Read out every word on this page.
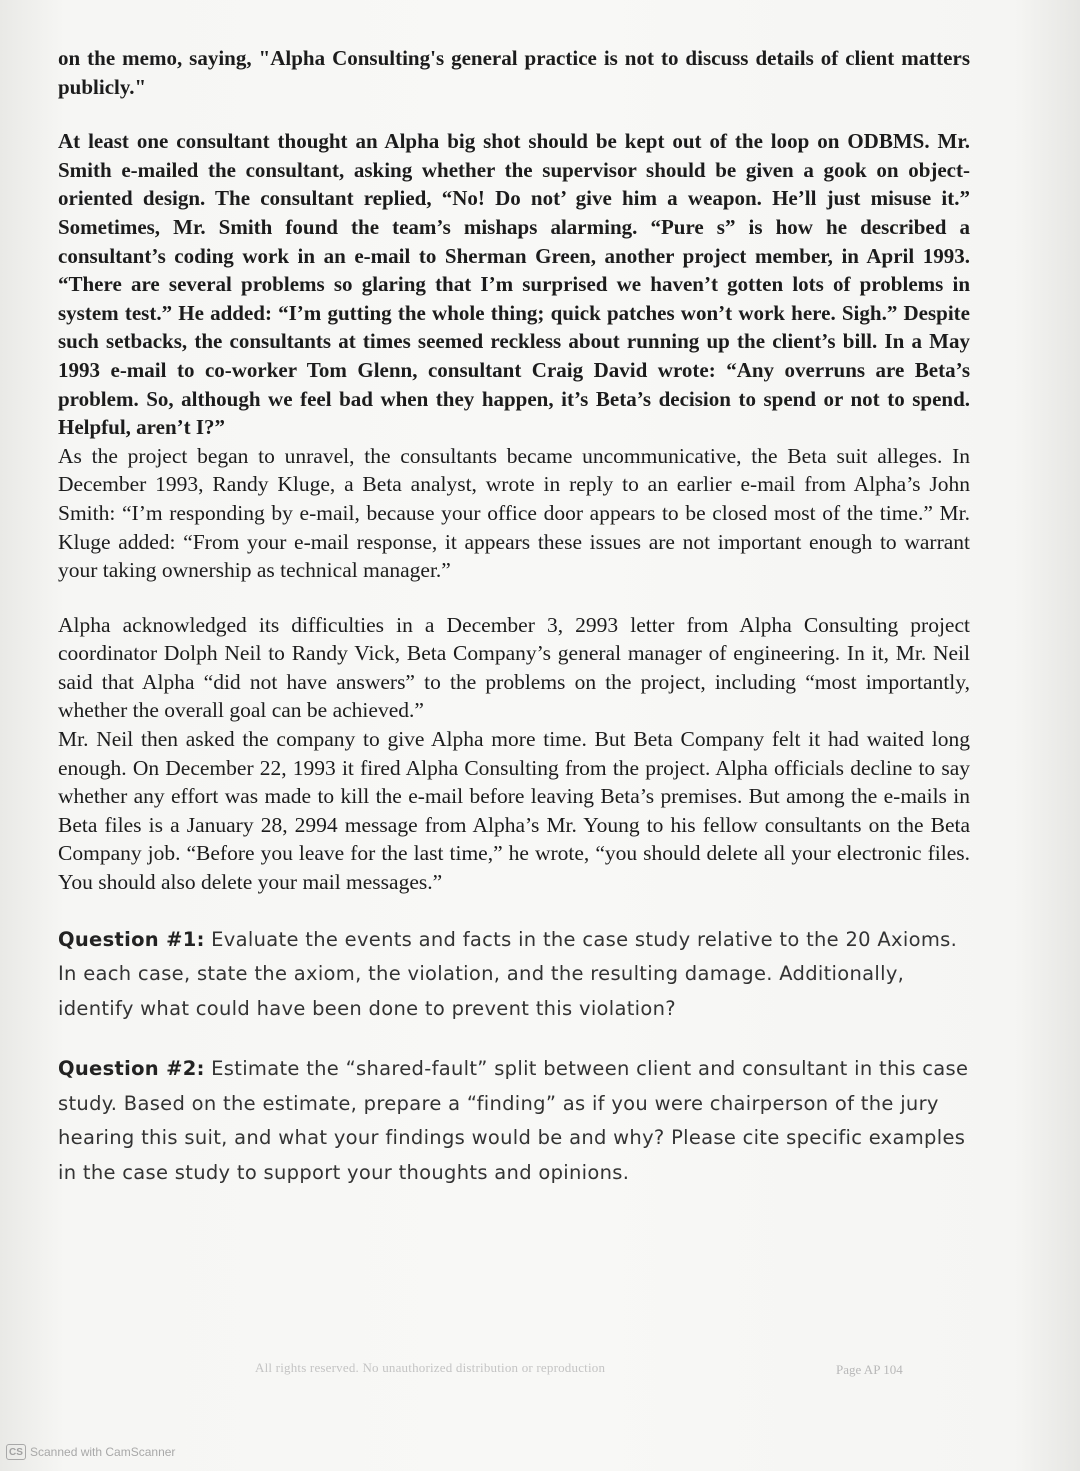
on the memo, saying, "Alpha Consulting's general practice is not to discuss details of client matters publicly."

At least one consultant thought an Alpha big shot should be kept out of the loop on ODBMS. Mr. Smith e-mailed the consultant, asking whether the supervisor should be given a gook on object-oriented design. The consultant replied, “No! Do not’ give him a weapon. He’ll just misuse it.” Sometimes, Mr. Smith found the team’s mishaps alarming. “Pure s” is how he described a consultant’s coding work in an e-mail to Sherman Green, another project member, in April 1993. “There are several problems so glaring that I’m surprised we haven’t gotten lots of problems in system test.” He added: “I’m gutting the whole thing; quick patches won’t work here. Sigh.” Despite such setbacks, the consultants at times seemed reckless about running up the client’s bill. In a May 1993 e-mail to co-worker Tom Glenn, consultant Craig David wrote: “Any overruns are Beta’s problem. So, although we feel bad when they happen, it’s Beta’s decision to spend or not to spend. Helpful, aren’t I?”

As the project began to unravel, the consultants became uncommunicative, the Beta suit alleges. In December 1993, Randy Kluge, a Beta analyst, wrote in reply to an earlier e-mail from Alpha’s John Smith: “I’m responding by e-mail, because your office door appears to be closed most of the time.” Mr. Kluge added: “From your e-mail response, it appears these issues are not important enough to warrant your taking ownership as technical manager.”

Alpha acknowledged its difficulties in a December 3, 2993 letter from Alpha Consulting project coordinator Dolph Neil to Randy Vick, Beta Company’s general manager of engineering. In it, Mr. Neil said that Alpha “did not have answers” to the problems on the project, including “most importantly, whether the overall goal can be achieved.”

Mr. Neil then asked the company to give Alpha more time. But Beta Company felt it had waited long enough. On December 22, 1993 it fired Alpha Consulting from the project. Alpha officials decline to say whether any effort was made to kill the e-mail before leaving Beta’s premises. But among the e-mails in Beta files is a January 28, 2994 message from Alpha’s Mr. Young to his fellow consultants on the Beta Company job. “Before you leave for the last time,” he wrote, “you should delete all your electronic files. You should also delete your mail messages.”

Question #1: Evaluate the events and facts in the case study relative to the 20 Axioms. In each case, state the axiom, the violation, and the resulting damage. Additionally, identify what could have been done to prevent this violation?

Question #2: Estimate the “shared-fault” split between client and consultant in this case study. Based on the estimate, prepare a “finding” as if you were chairperson of the jury hearing this suit, and what your findings would be and why? Please cite specific examples in the case study to support your thoughts and opinions.

All rights reserved. No unauthorized distribution or reproduction	Page AP 104
CS Scanned with CamScanner
